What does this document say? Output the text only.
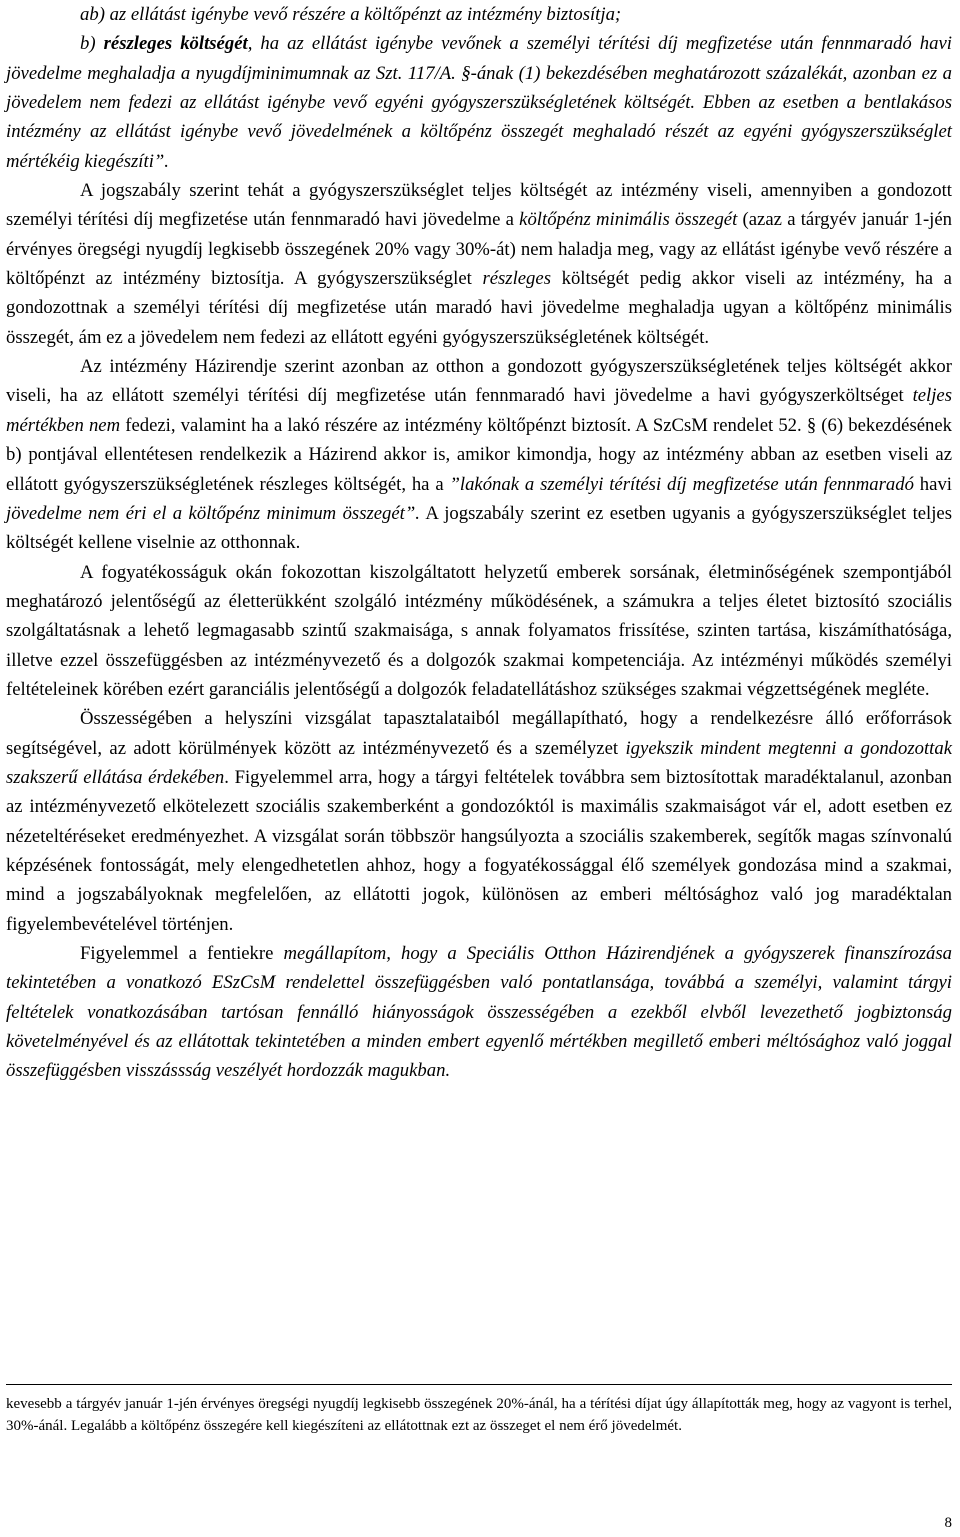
ab) az ellátást igénybe vevő részére a költőpénzt az intézmény biztosítja;

b) részleges költségét, ha az ellátást igénybe vevőnek a személyi térítési díj megfizetése után fennmaradó havi jövedelme meghaladja a nyugdíjminimumnak az Szt. 117/A. §-ának (1) bekezdésében meghatározott százalékát, azonban ez a jövedelem nem fedezi az ellátást igénybe vevő egyéni gyógyszerszükségletének költségét. Ebben az esetben a bentlakásos intézmény az ellátást igénybe vevő jövedelmének a költőpénz összegét meghaladó részét az egyéni gyógyszerszükséglet mértékéig kiegészíti”.

A jogszabály szerint tehát a gyógyszerszükséglet teljes költségét az intézmény viseli, amennyiben a gondozott személyi térítési díj megfizetése után fennmaradó havi jövedelme a költőpénz minimális összegét (azaz a tárgyév január 1-jén érvényes öregségi nyugdíj legkisebb összegének 20% vagy 30%-át) nem haladja meg, vagy az ellátást igénybe vevő részére a költőpénzt az intézmény biztosítja. A gyógyszerszükséglet részleges költségét pedig akkor viseli az intézmény, ha a gondozottnak a személyi térítési díj megfizetése után maradó havi jövedelme meghaladja ugyan a költőpénz minimális összegét, ám ez a jövedelem nem fedezi az ellátott egyéni gyógyszerszükségletének költségét.

Az intézmény Házirendje szerint azonban az otthon a gondozott gyógyszerszükségletének teljes költségét akkor viseli, ha az ellátott személyi térítési díj megfizetése után fennmaradó havi jövedelme a havi gyógyszerköltséget teljes mértékben nem fedezi, valamint ha a lakó részére az intézmény költőpénzt biztosít. A SzCsM rendelet 52. § (6) bekezdésének b) pontjával ellentétesen rendelkezik a Házirend akkor is, amikor kimondja, hogy az intézmény abban az esetben viseli az ellátott gyógyszerszükségletének részleges költségét, ha a ”lakónak a személyi térítési díj megfizetése után fennmaradó havi jövedelme nem éri el a költőpénz minimum összegét”. A jogszabály szerint ez esetben ugyanis a gyógyszerszükséglet teljes költségét kellene viselnie az otthonnak.

A fogyatékosságuk okán fokozottan kiszolgáltatott helyzetű emberek sorsának, életminőségének szempontjából meghatározó jelentőségű az életterükként szolgáló intézmény működésének, a számukra a teljes életet biztosító szociális szolgáltatásnak a lehető legmagasabb szintű szakmaisága, s annak folyamatos frissítése, szinten tartása, kiszámíthatósága, illetve ezzel összefüggésben az intézményvezető és a dolgozók szakmai kompetenciája. Az intézményi működés személyi feltételeinek körében ezért garanciális jelentőségű a dolgozók feladatellátáshoz szükséges szakmai végzettségének megléte.

Összességében a helyszíni vizsgálat tapasztalataiból megállapítható, hogy a rendelkezésre álló erőforrások segítségével, az adott körülmények között az intézményvezető és a személyzet igyekszik mindent megtenni a gondozottak szakszerű ellátása érdekében. Figyelemmel arra, hogy a tárgyi feltételek továbbra sem biztosítottak maradéktalanul, azonban az intézményvezető elkötelezett szociális szakemberként a gondozóktól is maximális szakmaiságot vár el, adott esetben ez nézeteltéréseket eredményezhet. A vizsgálat során többször hangsúlyozta a szociális szakemberek, segítők magas színvonalú képzésének fontosságát, mely elengedhetetlen ahhoz, hogy a fogyatékossággal élő személyek gondozása mind a szakmai, mind a jogszabályoknak megfelelően, az ellátotti jogok, különösen az emberi méltósághoz való jog maradéktalan figyelembevételével történjen.

Figyelemmel a fentiekre megállapítom, hogy a Speciális Otthon Házirendjének a gyógyszerek finanszírozása tekintetében a vonatkozó ESzCsM rendelettel összefüggésben való pontatlansága, továbbá a személyi, valamint tárgyi feltételek vonatkozásában tartósan fennálló hiányosságok összességében a ezekből elvből levezethető jogbiztonság követelményével és az ellátottak tekintetében a minden embert egyenlő mértékben megillető emberi méltósághoz való joggal összefüggésben visszássság veszélyét hordozzák magukban.

kevesebb a tárgyév január 1-jén érvényes öregségi nyugdíj legkisebb összegének 20%-ánál, ha a térítési díjat úgy állapították meg, hogy az vagyont is terhel, 30%-ánál. Legalább a költőpénz összegére kell kiegészíteni az ellátottnak ezt az összeget el nem érő jövedelmét.
8
